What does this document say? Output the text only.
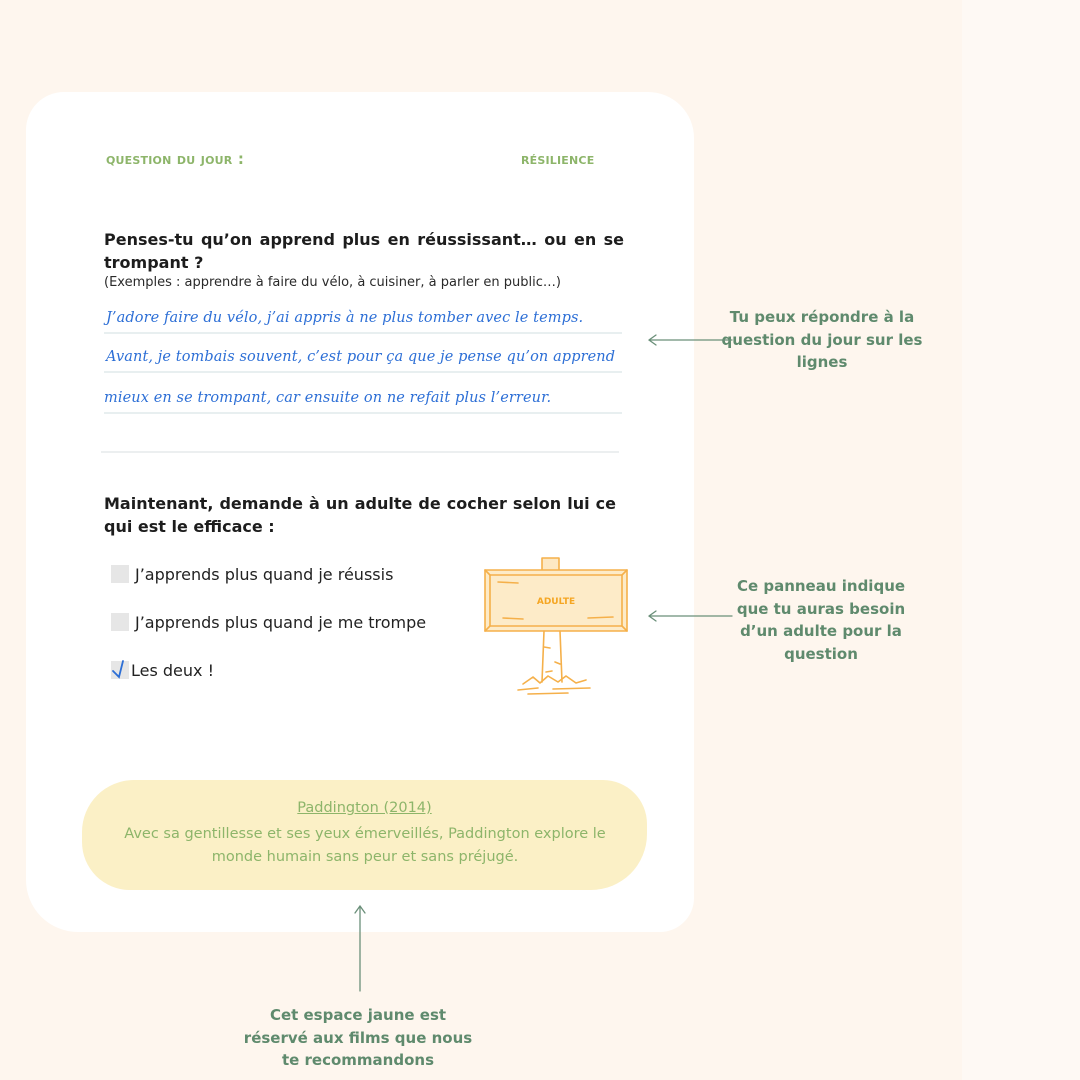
question du jour :	résilience
Penses-tu qu’on apprend plus en réussissant… ou en se trompant ?
(Exemples : apprendre à faire du vélo, à cuisiner, à parler en public…)
J’adore faire du vélo, j’ai appris à ne plus tomber avec le temps.
Avant, je tombais souvent, c’est pour ça que je pense qu’on apprend
mieux en se trompant, car ensuite on ne refait plus l’erreur.
Maintenant, demande à un adulte de cocher selon lui ce qui est le efficace :
J’apprends plus quand je réussis
J’apprends plus quand je me trompe
Les deux !
adulte
Paddington (2014)
Avec sa gentillesse et ses yeux émerveillés, Paddington explore le monde humain sans peur et sans préjugé.
Tu peux répondre à la question du jour sur les lignes
Ce panneau indique que tu auras besoin d’un adulte pour la question
Cet espace jaune est réservé aux films que nous te recommandons
